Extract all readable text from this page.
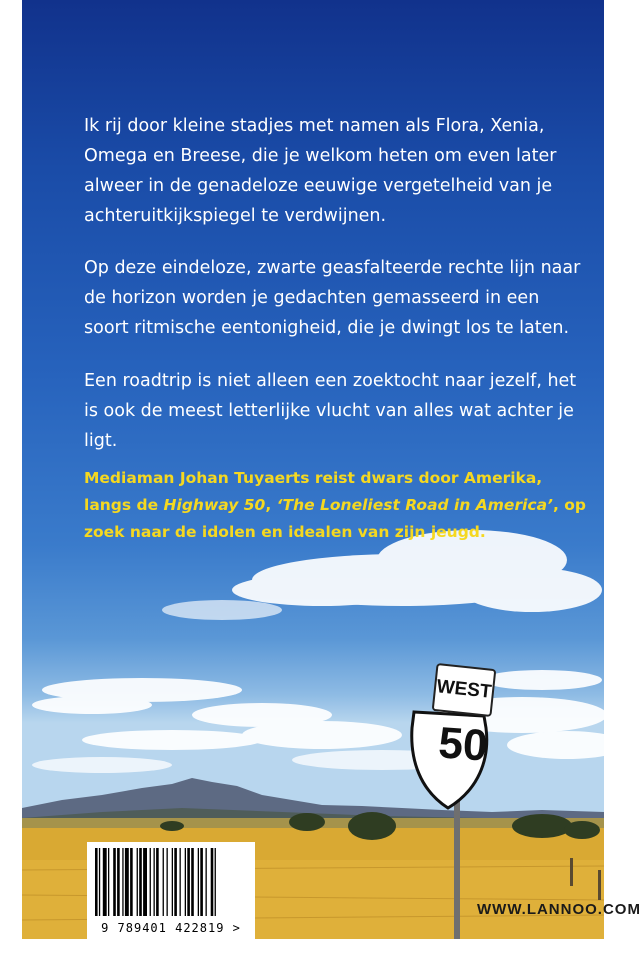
WEST
50
Ik rij door kleine stadjes met namen als Flora, Xenia, Omega en Breese, die je welkom heten om even later alweer in de genadeloze eeuwige vergetelheid van je achteruitkijkspiegel te verdwijnen.
Op deze eindeloze, zwarte geasfalteerde rechte lijn naar de horizon worden je gedachten gemasseerd in een soort ritmische eentonigheid, die je dwingt los te laten.
Een roadtrip is niet alleen een zoektocht naar jezelf, het is ook de meest letterlijke vlucht van alles wat achter je ligt.
Mediaman Johan Tuyaerts reist dwars door Amerika, langs de Highway 50, ‘The Loneliest Road in America’, op zoek naar de idolen en idealen van zijn jeugd.
WWW.LANNOO.COM
9 789401 422819 >
